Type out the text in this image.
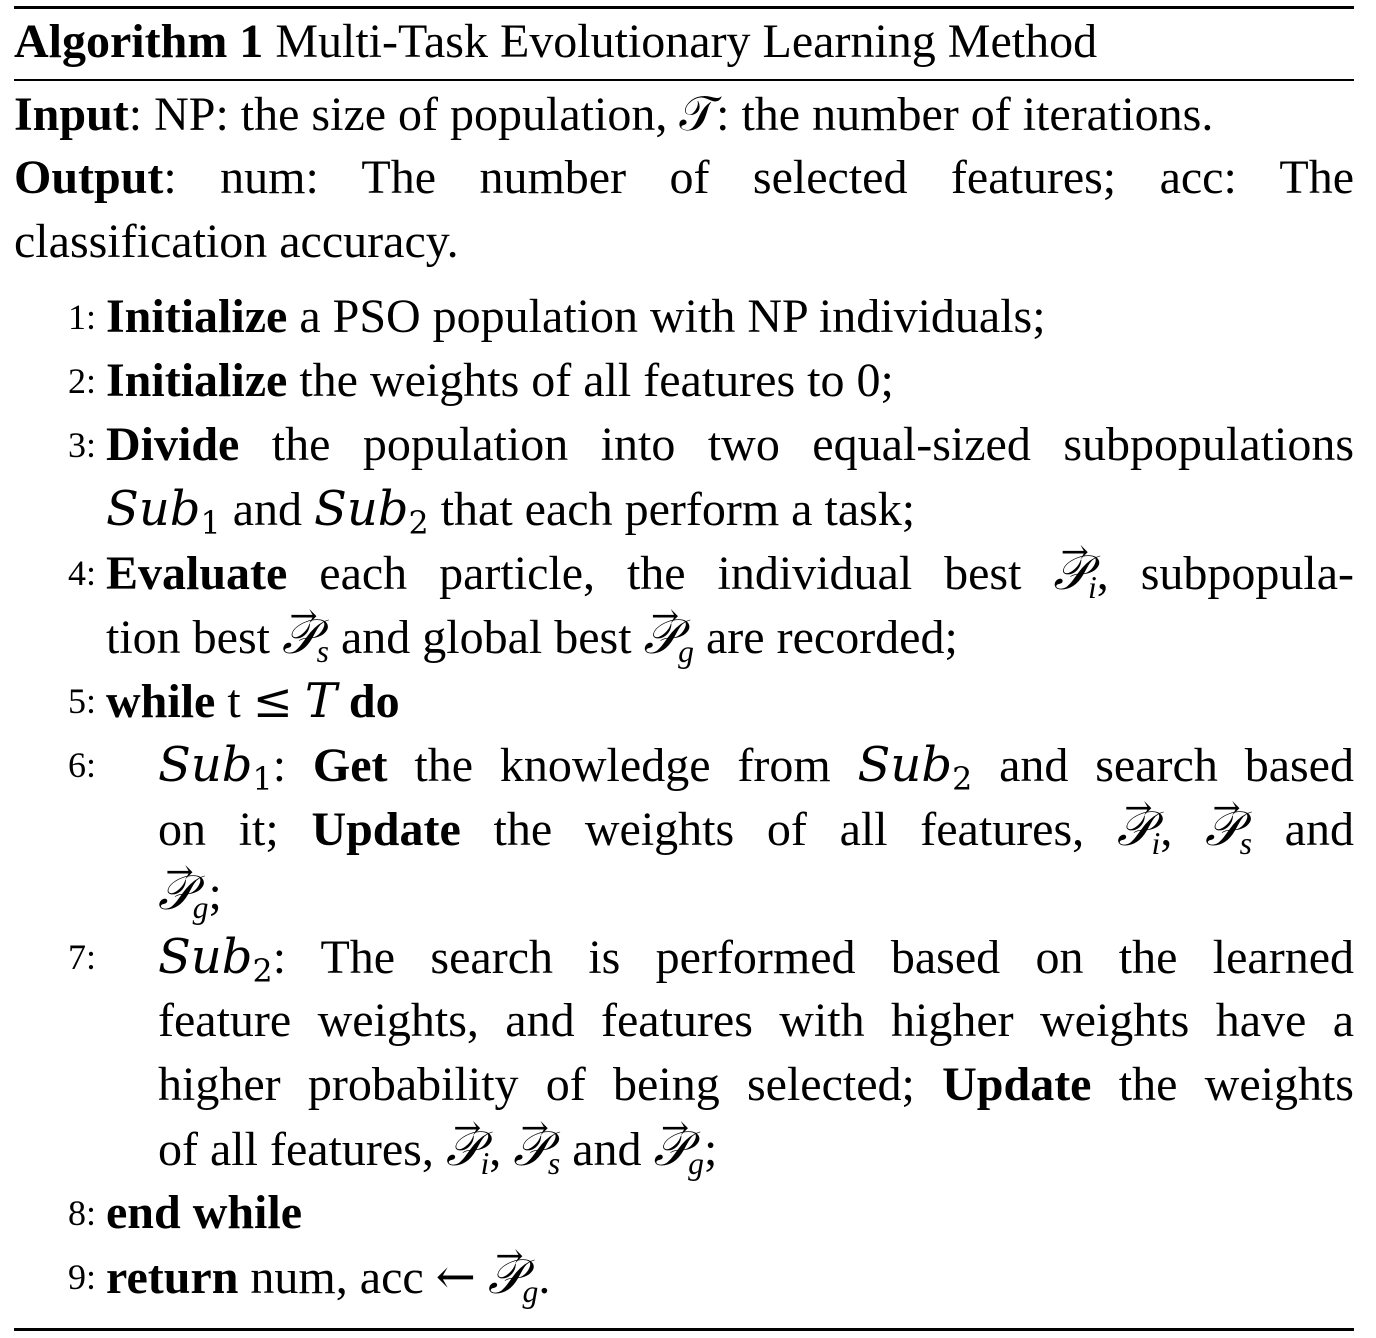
Algorithm 1 Multi-Task Evolutionary Learning Method
Input: NP: the size of population, 𝒯: the number of iterations.
Output: num: The number of selected features; acc: The
classification accuracy.
1: Initialize a PSO population with NP individuals;
2: Initialize the weights of all features to 0;
3: Divide the population into two equal-sized subpopulations
Sub1 and Sub2 that each perform a task;
4: Evaluate each particle, the individual best → 𝒫$_i$, subpopula-
tion best → 𝒫$_s$ and global best → 𝒫$_g$ are recorded;
5: while t ≤ T do
6: Sub1: Get the knowledge from Sub2 and search based
on it; Update the weights of all features, → 𝒫$_i$, → 𝒫$_s$ and
→ 𝒫$_g$;
7: Sub2: The search is performed based on the learned
feature weights, and features with higher weights have a
higher probability of being selected; Update the weights
of all features, → 𝒫$_i$, → 𝒫$_s$ and → 𝒫$_g$;
8: end while
9: return num, acc ← → 𝒫$_g$.
